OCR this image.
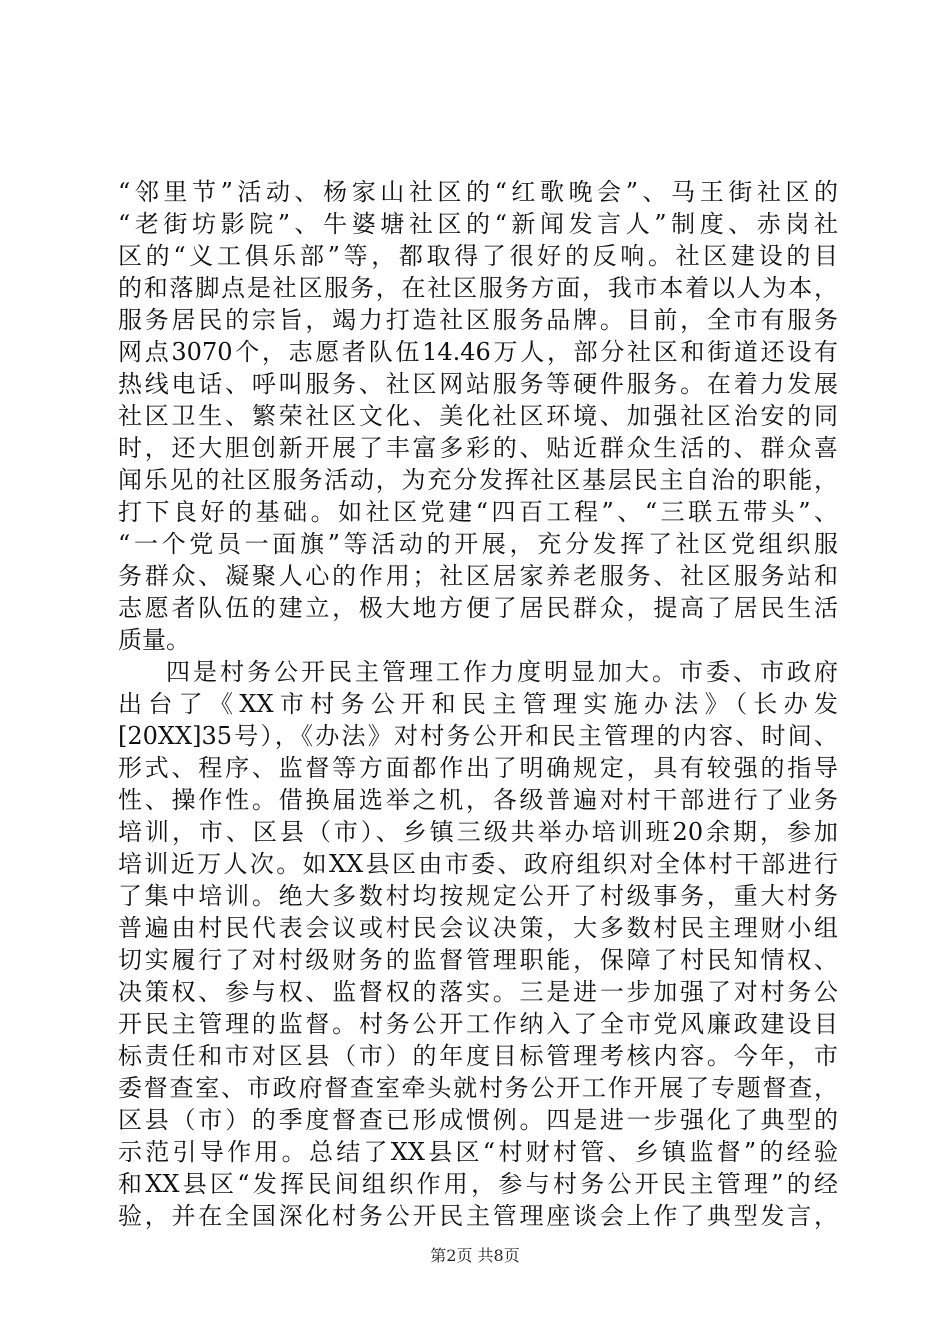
“邻里节”活动、杨家山社区的“红歌晚会”、马王街社区的
“老街坊影院”、牛婆塘社区的“新闻发言人”制度、赤岗社
区的“义工俱乐部”等，都取得了很好的反响。社区建设的目
的和落脚点是社区服务，在社区服务方面，我市本着以人为本，
服务居民的宗旨，竭力打造社区服务品牌。目前，全市有服务
网点3070个，志愿者队伍14.46万人，部分社区和街道还设有
热线电话、呼叫服务、社区网站服务等硬件服务。在着力发展
社区卫生、繁荣社区文化、美化社区环境、加强社区治安的同
时，还大胆创新开展了丰富多彩的、贴近群众生活的、群众喜
闻乐见的社区服务活动，为充分发挥社区基层民主自治的职能，
打下良好的基础。如社区党建“四百工程”、“三联五带头”、
“一个党员一面旗”等活动的开展，充分发挥了社区党组织服
务群众、凝聚人心的作用；社区居家养老服务、社区服务站和
志愿者队伍的建立，极大地方便了居民群众，提高了居民生活
质量。
四是村务公开民主管理工作力度明显加大。市委、市政府
出台了《XX市村务公开和民主管理实施办法》（长办发
[20XX]35号），《办法》对村务公开和民主管理的内容、时间、
形式、程序、监督等方面都作出了明确规定，具有较强的指导
性、操作性。借换届选举之机，各级普遍对村干部进行了业务
培训，市、区县（市）、乡镇三级共举办培训班20余期，参加
培训近万人次。如XX县区由市委、政府组织对全体村干部进行
了集中培训。绝大多数村均按规定公开了村级事务，重大村务
普遍由村民代表会议或村民会议决策，大多数村民主理财小组
切实履行了对村级财务的监督管理职能，保障了村民知情权、
决策权、参与权、监督权的落实。三是进一步加强了对村务公
开民主管理的监督。村务公开工作纳入了全市党风廉政建设目
标责任和市对区县（市）的年度目标管理考核内容。今年，市
委督查室、市政府督查室牵头就村务公开工作开展了专题督查，
区县（市）的季度督查已形成惯例。四是进一步强化了典型的
示范引导作用。总结了XX县区“村财村管、乡镇监督”的经验
和XX县区“发挥民间组织作用，参与村务公开民主管理”的经
验，并在全国深化村务公开民主管理座谈会上作了典型发言，
第2页 共8页
